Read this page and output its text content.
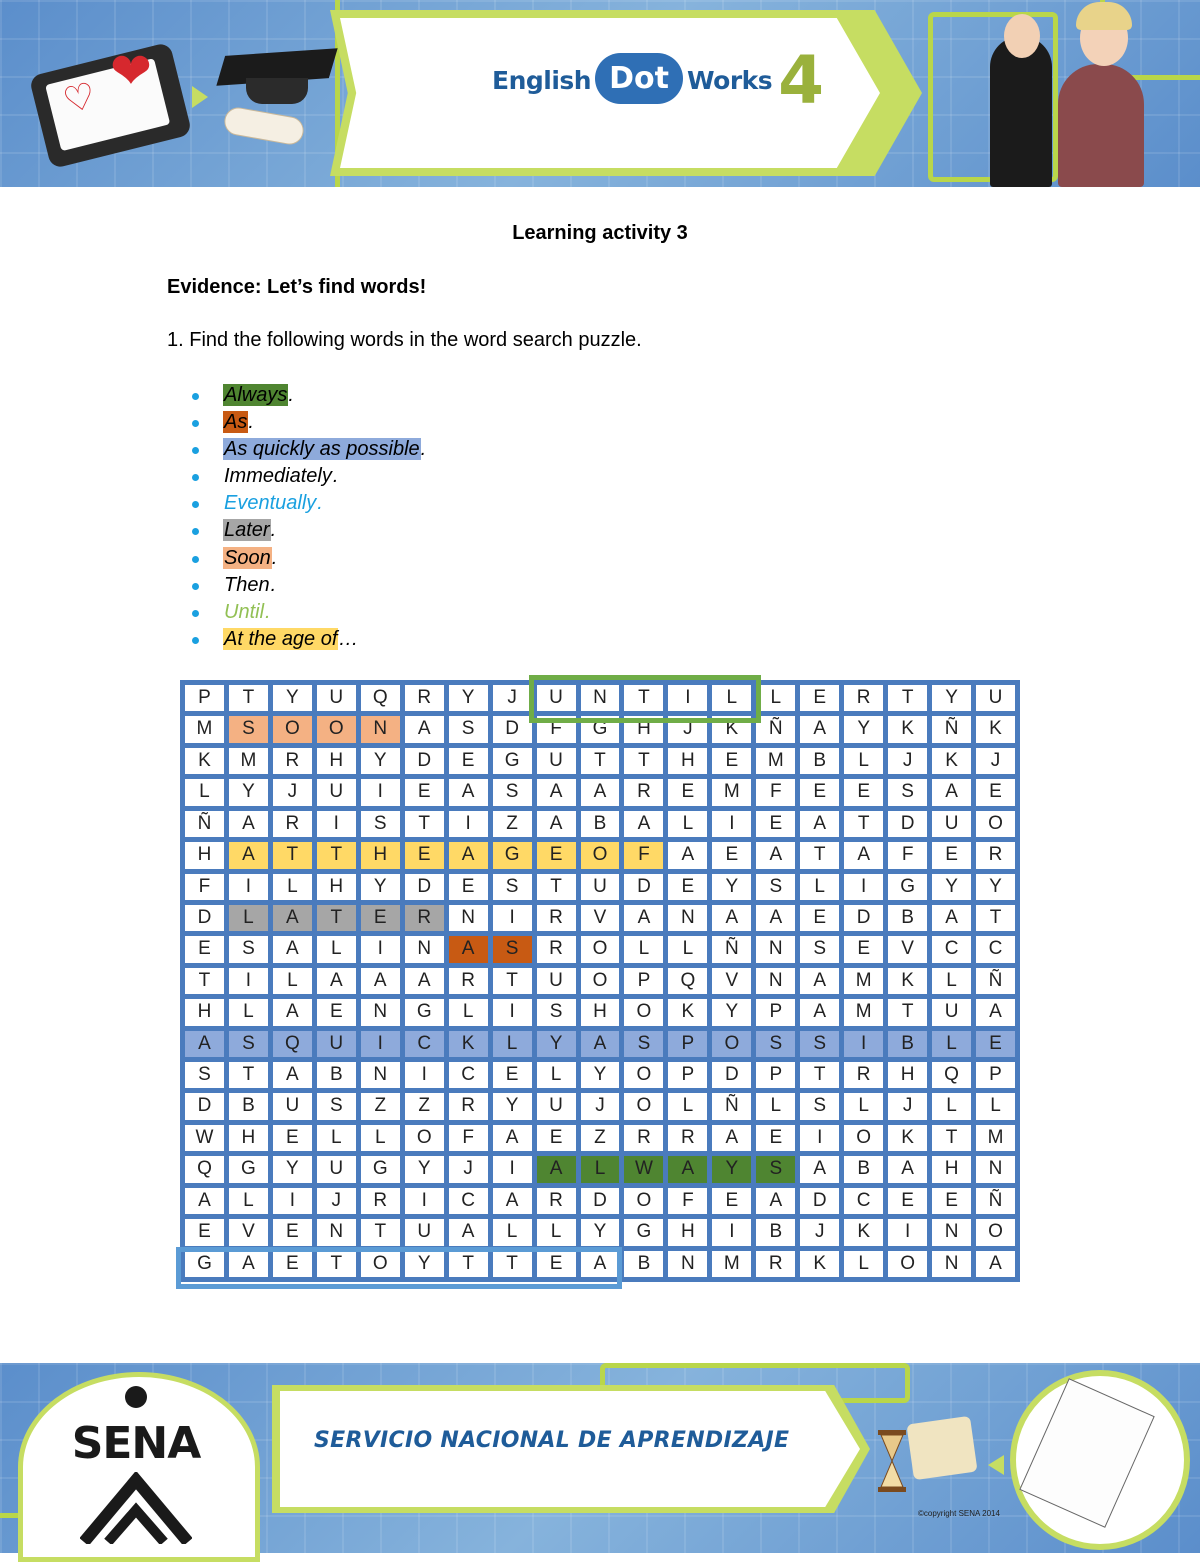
♡ ❤	English Dot Works 4
Learning activity 3
Evidence: Let’s find words!
1. Find the following words in the word search puzzle.
Always.
As.
As quickly as possible.
Immediately.
Eventually.
Later.
Soon.
Then.
Until.
At the age of…
P	T	Y	U	Q	R	Y	J	U	N	T	I	L	L	E	R	T	Y	U
M	S	O	O	N	A	S	D	F	G	H	J	K	Ñ	A	Y	K	Ñ	K
K	M	R	H	Y	D	E	G	U	T	T	H	E	M	B	L	J	K	J
L	Y	J	U	I	E	A	S	A	A	R	E	M	F	E	E	S	A	E
Ñ	A	R	I	S	T	I	Z	A	B	A	L	I	E	A	T	D	U	O
H	A	T	T	H	E	A	G	E	O	F	A	E	A	T	A	F	E	R
F	I	L	H	Y	D	E	S	T	U	D	E	Y	S	L	I	G	Y	Y
D	L	A	T	E	R	N	I	R	V	A	N	A	A	E	D	B	A	T
E	S	A	L	I	N	A	S	R	O	L	L	Ñ	N	S	E	V	C	C
T	I	L	A	A	A	R	T	U	O	P	Q	V	N	A	M	K	L	Ñ
H	L	A	E	N	G	L	I	S	H	O	K	Y	P	A	M	T	U	A
A	S	Q	U	I	C	K	L	Y	A	S	P	O	S	S	I	B	L	E
S	T	A	B	N	I	C	E	L	Y	O	P	D	P	T	R	H	Q	P
D	B	U	S	Z	Z	R	Y	U	J	O	L	Ñ	L	S	L	J	L	L
W	H	E	L	L	O	F	A	E	Z	R	R	A	E	I	O	K	T	M
Q	G	Y	U	G	Y	J	I	A	L	W	A	Y	S	A	B	A	H	N
A	L	I	J	R	I	C	A	R	D	O	F	E	A	D	C	E	E	Ñ
E	V	E	N	T	U	A	L	L	Y	G	H	I	B	J	K	I	N	O
G	A	E	T	O	Y	T	T	E	A	B	N	M	R	K	L	O	N	A
SENA	SERVICIO NACIONAL DE APRENDIZAJE
©copyright SENA 2014
